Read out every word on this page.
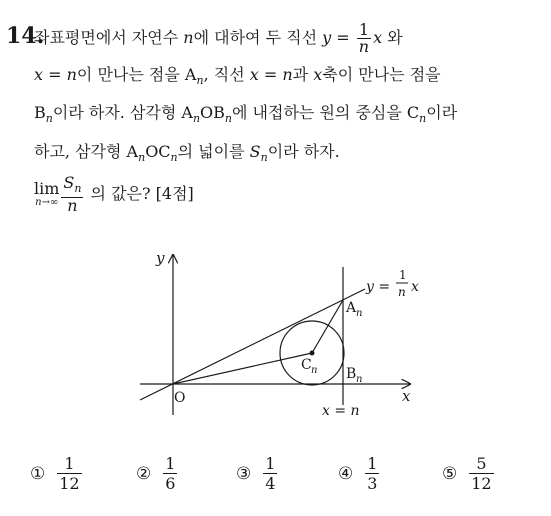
14.
좌표평면에서 자연수 n에 대하여 두 직선 $y = \frac{1}{n}$ x 와
x = n이 만나는 점을 $A_n$, 직선 x = n과 x축이 만나는 점을
$B_n$이라 하자. 삼각형 $A_nOB_n$에 내접하는 원의 중심을 $C_n$이라
하고, 삼각형 $A_nOC_n$의 넓이를 $S_n$이라 하자.
lim
$n\to\infty \frac{S_n}{n}$ 의 값은? [4점]
y
x
O
y =
1
n x
A n
B n
C n
x = n
① $\frac{1}{12}$	② $\frac{1}{6}$	③ $\frac{1}{4}$	④ $\frac{1}{3}$	⑤ $\frac{5}{12}$
